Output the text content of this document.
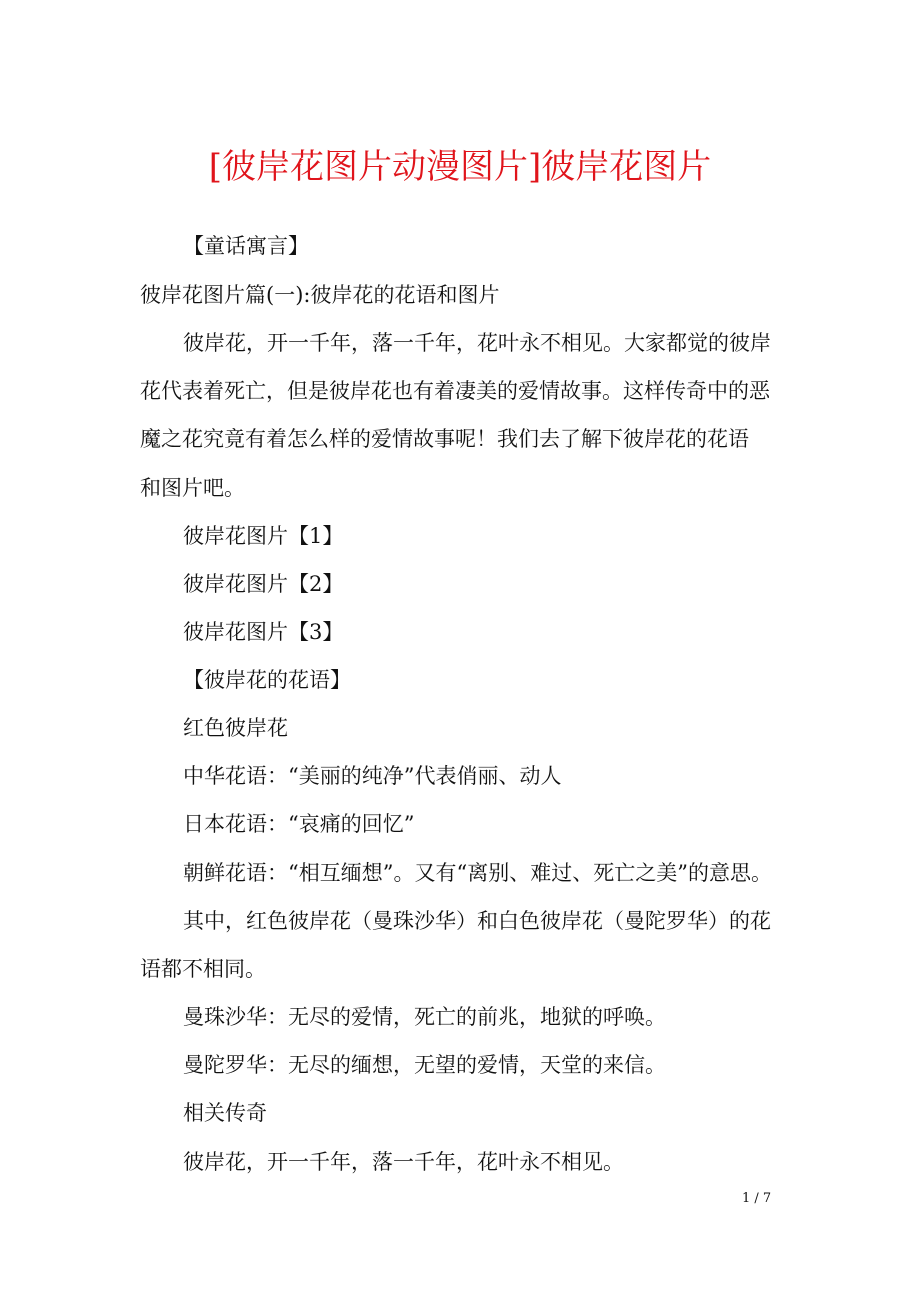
[彼岸花图片动漫图片]彼岸花图片
【童话寓言】
彼岸花图片篇(一):彼岸花的花语和图片
彼岸花，开一千年，落一千年，花叶永不相见。大家都觉的彼岸
花代表着死亡，但是彼岸花也有着凄美的爱情故事。这样传奇中的恶
魔之花究竟有着怎么样的爱情故事呢！我们去了解下彼岸花的花语
和图片吧。
彼岸花图片【1】
彼岸花图片【2】
彼岸花图片【3】
【彼岸花的花语】
红色彼岸花
中华花语：“美丽的纯净”代表俏丽、动人
日本花语：“哀痛的回忆”
朝鲜花语：“相互缅想”。又有“离别、难过、死亡之美”的意思。
其中，红色彼岸花（曼珠沙华）和白色彼岸花（曼陀罗华）的花
语都不相同。
曼珠沙华：无尽的爱情，死亡的前兆，地狱的呼唤。
曼陀罗华：无尽的缅想，无望的爱情，天堂的来信。
相关传奇
彼岸花，开一千年，落一千年，花叶永不相见。
1 / 7
